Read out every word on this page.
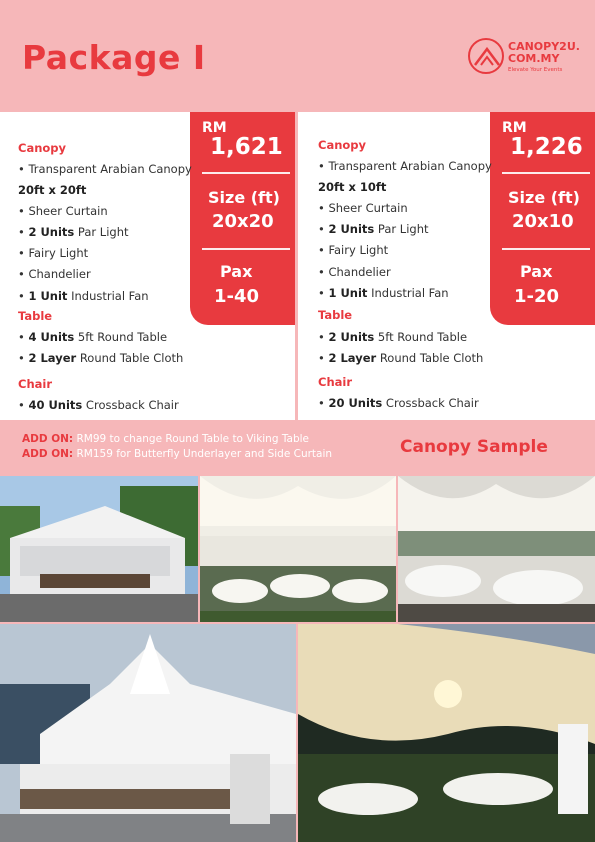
Package I	CANOPY2U.
COM.MY
Elevate Your Events
RM
1,621
Size (ft)
20x20
Pax
1-40
Canopy
• Transparent Arabian Canopy
20ft x 20ft
• Sheer Curtain
• 2 Units Par Light
• Fairy Light
• Chandelier
• 1 Unit Industrial Fan
Table
• 4 Units 5ft Round Table
• 2 Layer Round Table Cloth
Chair
• 40 Units Crossback Chair
RM
1,226
Size (ft)
20x10
Pax
1-20
Canopy
• Transparent Arabian Canopy
20ft x 10ft
• Sheer Curtain
• 2 Units Par Light
• Fairy Light
• Chandelier
• 1 Unit Industrial Fan
Table
• 2 Units 5ft Round Table
• 2 Layer Round Table Cloth
Chair
• 20 Units Crossback Chair
ADD ON: RM99 to change Round Table to Viking Table
ADD ON: RM159 for Butterfly Underlayer and Side Curtain	Canopy Sample
